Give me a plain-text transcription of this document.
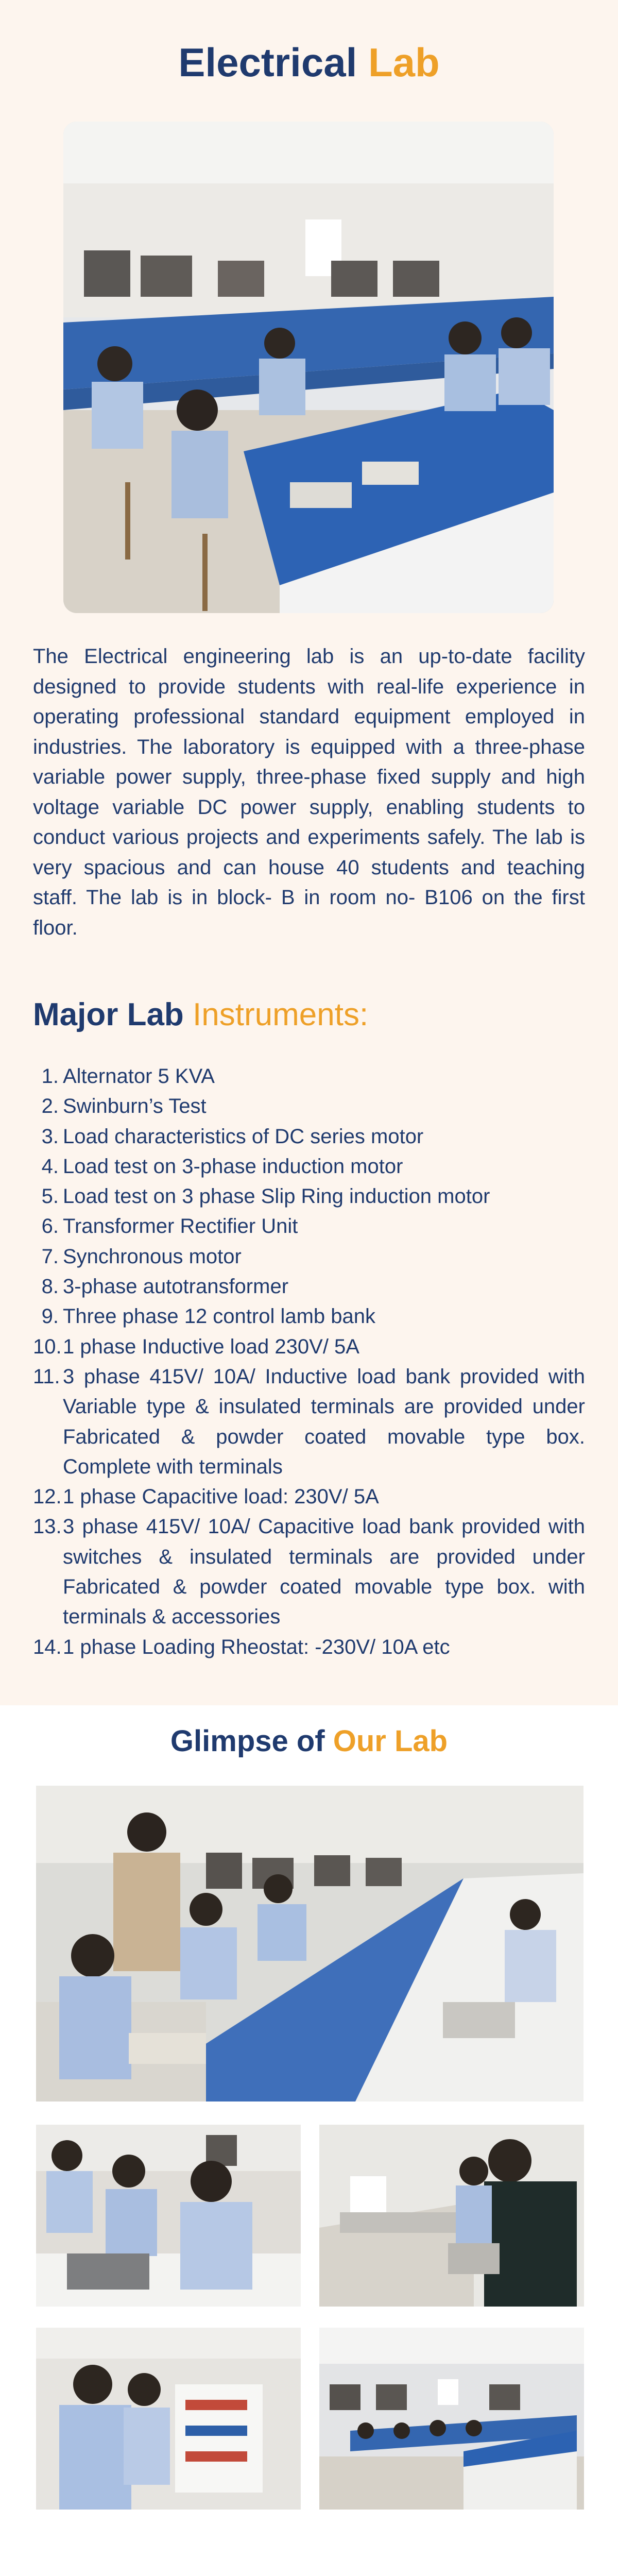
Electrical Lab

The Electrical engineering lab is an up-to-date facility designed to provide students with real-life experience in operating professional standard equipment employed in industries. The laboratory is equipped with a three-phase variable power supply, three-phase fixed supply and high voltage variable DC power supply, enabling students to conduct various projects and experiments safely. The lab is very spacious and can house 40 students and teaching staff. The lab is in block- B in room no- B106 on the first floor.

Major Lab Instruments:
1. Alternator 5 KVA
2. Swinburn’s Test
3. Load characteristics of DC series motor
4. Load test on 3-phase induction motor
5. Load test on 3 phase Slip Ring induction motor
6. Transformer Rectifier Unit
7. Synchronous motor
8. 3-phase autotransformer
9. Three phase 12 control lamb bank
10. 1 phase Inductive load 230V/ 5A
11. 3 phase 415V/ 10A/ Inductive load bank provided with Variable type & insulated terminals are provided under Fabricated & powder coated movable type box. Complete with terminals
12. 1 phase Capacitive load: 230V/ 5A
13. 3 phase 415V/ 10A/ Capacitive load bank provided with switches & insulated terminals are provided under Fabricated & powder coated movable type box. with terminals & accessories
14. 1 phase Loading Rheostat: -230V/ 10A etc
Glimpse of Our Lab
